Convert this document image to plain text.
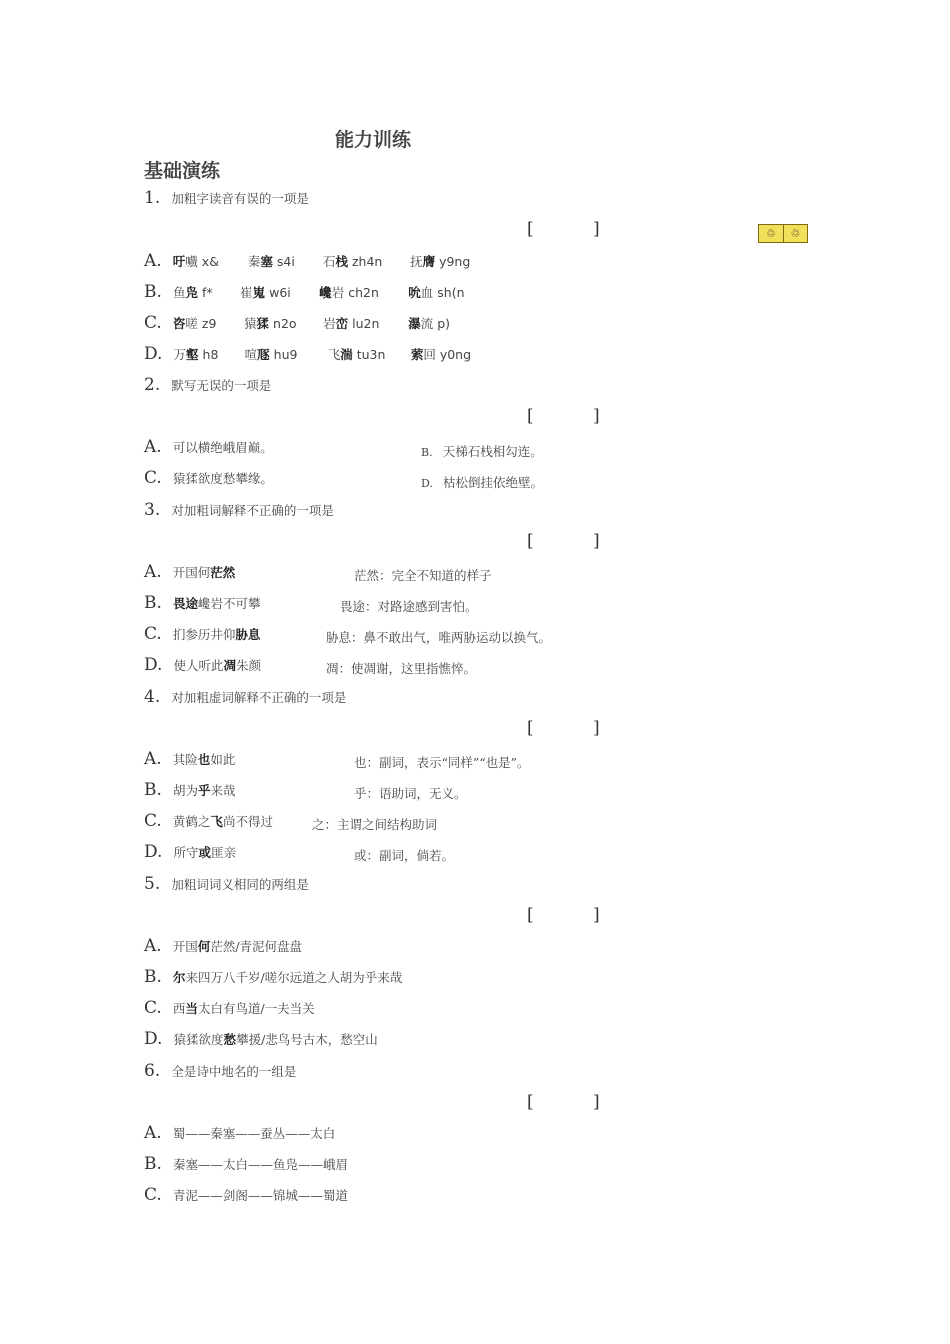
能力训练
基础演练
♲	♲
1. 加粗字读音有误的一项是
[ ]
A. 吁嚱 x& 秦塞 s4i 石栈 zh4n 抚膺 y9ng
B. 鱼凫 f* 崔嵬 w6i 巉岩 ch2n 吮血 sh(n
C. 咨嗟 z9 猿猱 n2o 岩峦 lu2n 瀑流 p)
D. 万壑 h8 喧豗 hu9 飞湍 tu3n 萦回 y0ng
2. 默写无误的一项是
[ ]
A. 可以横绝峨眉巅。	B. 天梯石栈相勾连。
C. 猿猱欲度愁攀缘。	D. 枯松倒挂依绝壁。
3. 对加粗词解释不正确的一项是
[ ]
A. 开国何茫然	茫然：完全不知道的样子
B. 畏途巉岩不可攀	畏途：对路途感到害怕。
C. 扪参历井仰胁息	胁息：鼻不敢出气，唯两胁运动以换气。
D. 使人听此凋朱颜	凋：使凋谢，这里指憔悴。
4. 对加粗虚词解释不正确的一项是
[ ]
A. 其险也如此	也：副词，表示“同样”“也是”。
B. 胡为乎来哉	乎：语助词，无义。
C. 黄鹤之飞尚不得过	之：主谓之间结构助词
D. 所守或匪亲	或：副词，倘若。
5. 加粗词词义相同的两组是
[ ]
A. 开国何茫然/青泥何盘盘
B. 尔来四万八千岁/嗟尔远道之人胡为乎来哉
C. 西当太白有鸟道/一夫当关
D. 猿猱欲度愁攀援/悲鸟号古木，愁空山
6. 全是诗中地名的一组是
[ ]
A. 蜀——秦塞——蚕丛——太白
B. 秦塞——太白——鱼凫——峨眉
C. 青泥——剑阁——锦城——蜀道
